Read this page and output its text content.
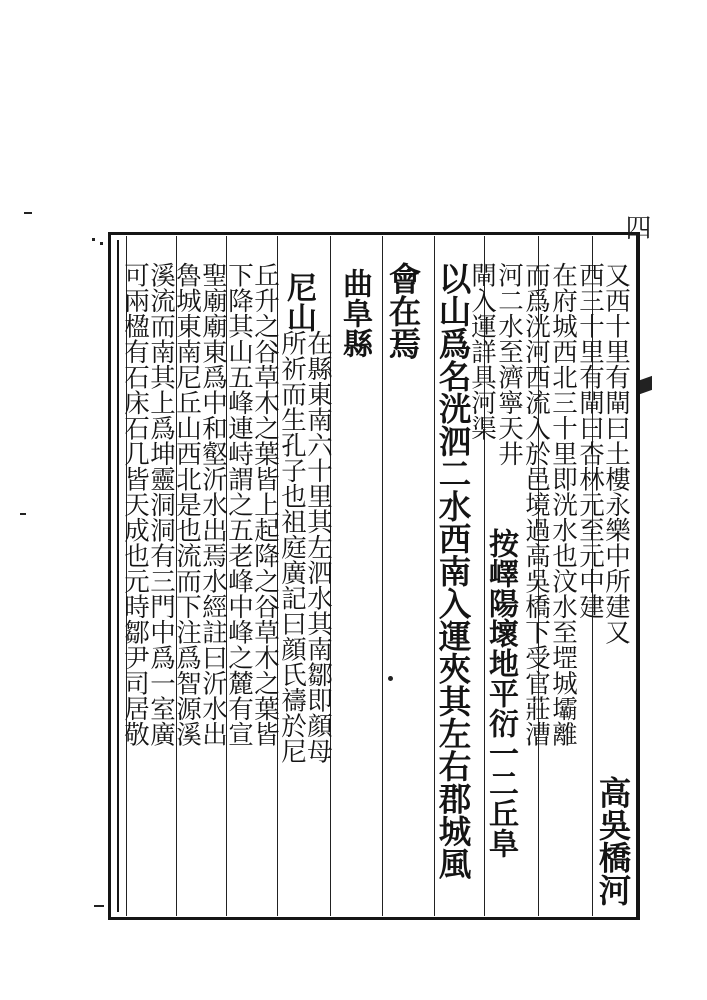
四
又西十里有閘曰土樓永樂中所建又
西三十里有閘曰杏林元至元中建
在府城西北三十里即洸水也汶水至堽城壩離
而爲洸河西流入於邑境過高吳橋下受官莊漕
河二水至濟寧天井
閘入運詳具河渠
按嶧陽壞地平衍一二丘阜
以山爲名洸泗二水西南入運夾其左右郡城風
會在焉
曲阜縣
在縣東南六十里其左泗水其南鄒即顔母
尼山
所祈而生孔子也祖庭廣記曰顔氏禱於尼
丘升之谷草木之葉皆上起降之谷草木之葉皆
下降其山五峰連峙謂之五老峰中峰之麓有宣
聖廟廟東爲中和壑沂水出焉水經註曰沂水出
魯城東南尼丘山西北是也流而下注爲智源溪
溪流而南其上爲坤靈洞洞有三門中爲一室廣
可兩楹有石床石几皆天成也元時鄒尹司居敬
高吳橋河
